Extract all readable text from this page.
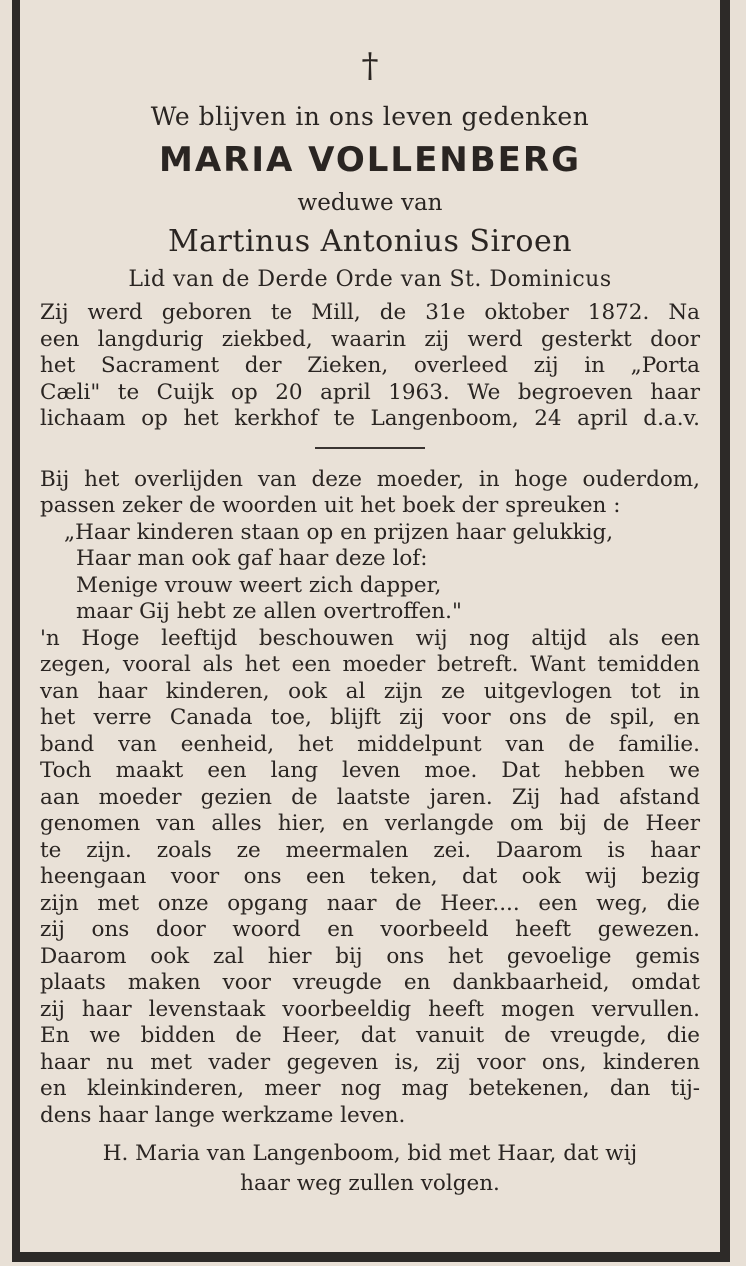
†
We blijven in ons leven gedenken
MARIA VOLLENBERG
weduwe van
Martinus Antonius Siroen
Lid van de Derde Orde van St. Dominicus
Zij werd geboren te Mill, de 31e oktober 1872. Na
een langdurig ziekbed, waarin zij werd gesterkt door
het Sacrament der Zieken, overleed zij in „Porta
Cæli" te Cuijk op 20 april 1963. We begroeven haar
lichaam op het kerkhof te Langenboom, 24 april d.a.v.
Bij het overlijden van deze moeder, in hoge ouderdom,
passen zeker de woorden uit het boek der spreuken :
„Haar kinderen staan op en prijzen haar gelukkig,
Haar man ook gaf haar deze lof:
Menige vrouw weert zich dapper,
maar Gij hebt ze allen overtroffen."
'n Hoge leeftijd beschouwen wij nog altijd als een
zegen, vooral als het een moeder betreft. Want temidden
van haar kinderen, ook al zijn ze uitgevlogen tot in
het verre Canada toe, blijft zij voor ons de spil, en
band van eenheid, het middelpunt van de familie.
Toch maakt een lang leven moe. Dat hebben we
aan moeder gezien de laatste jaren. Zij had afstand
genomen van alles hier, en verlangde om bij de Heer
te zijn. zoals ze meermalen zei. Daarom is haar
heengaan voor ons een teken, dat ook wij bezig
zijn met onze opgang naar de Heer.... een weg, die
zij ons door woord en voorbeeld heeft gewezen.
Daarom ook zal hier bij ons het gevoelige gemis
plaats maken voor vreugde en dankbaarheid, omdat
zij haar levenstaak voorbeeldig heeft mogen vervullen.
En we bidden de Heer, dat vanuit de vreugde, die
haar nu met vader gegeven is, zij voor ons, kinderen
en kleinkinderen, meer nog mag betekenen, dan tij-
dens haar lange werkzame leven.
H. Maria van Langenboom, bid met Haar, dat wij
haar weg zullen volgen.
